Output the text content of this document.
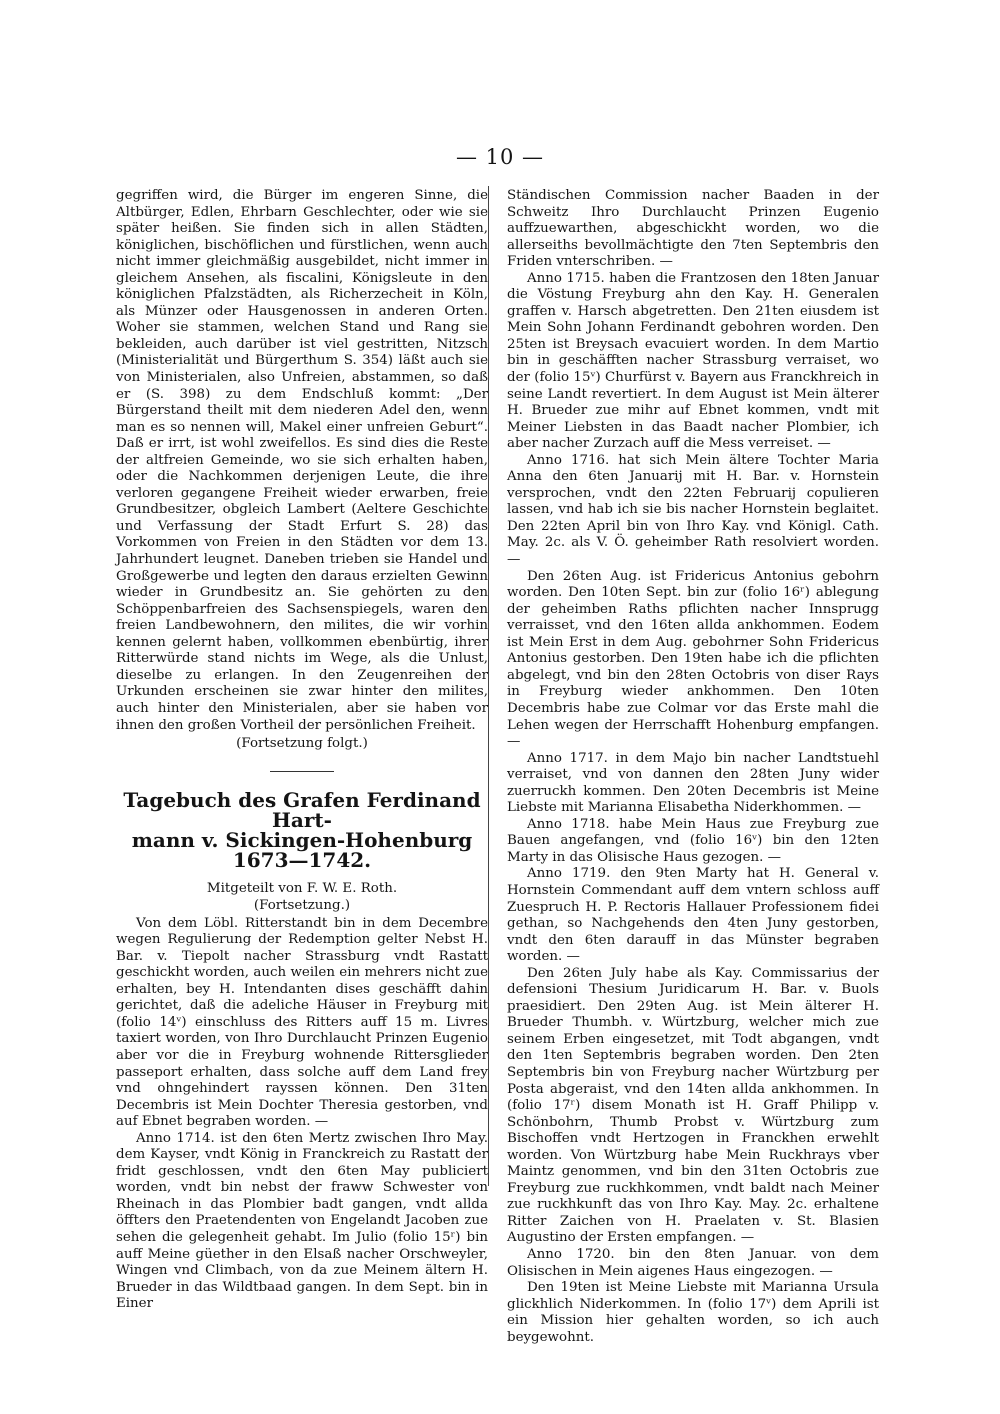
— 10 —

gegriffen wird, die Bürger im engeren Sinne, die Altbürger, Edlen, Ehrbarn Geschlechter, oder wie sie später heißen. Sie finden sich in allen Städten, königlichen, bischöflichen und fürstlichen, wenn auch nicht immer gleichmäßig ausgebildet, nicht immer in gleichem Ansehen, als fiscalini, Königsleute in den königlichen Pfalzstädten, als Richerzecheit in Köln, als Münzer oder Hausgenossen in anderen Orten. Woher sie stammen, welchen Stand und Rang sie bekleiden, auch darüber ist viel gestritten, Nitzsch (Ministerialität und Bürgerthum S. 354) läßt auch sie von Ministerialen, also Unfreien, abstammen, so daß er (S. 398) zu dem Endschluß kommt: „Der Bürgerstand theilt mit dem niederen Adel den, wenn man es so nennen will, Makel einer unfreien Geburt“. Daß er irrt, ist wohl zweifellos. Es sind dies die Reste der altfreien Gemeinde, wo sie sich erhalten haben, oder die Nachkommen derjenigen Leute, die ihre verloren gegangene Freiheit wieder erwarben, freie Grundbesitzer, obgleich Lambert (Aeltere Geschichte und Verfassung der Stadt Erfurt S. 28) das Vorkommen von Freien in den Städten vor dem 13. Jahrhundert leugnet. Daneben trieben sie Handel und Großgewerbe und legten den daraus erzielten Gewinn wieder in Grundbesitz an. Sie gehörten zu den Schöppenbarfreien des Sachsenspiegels, waren den freien Landbewohnern, den milites, die wir vorhin kennen gelernt haben, vollkommen ebenbürtig, ihrer Ritterwürde stand nichts im Wege, als die Unlust, dieselbe zu erlangen. In den Zeugenreihen der Urkunden erscheinen sie zwar hinter den milites, auch hinter den Ministerialen, aber sie haben vor ihnen den großen Vortheil der persönlichen Freiheit.

(Fortsetzung folgt.)
Tagebuch des Grafen Ferdinand Hart-
mann v. Sickingen-Hohenburg
1673—1742.
Mitgeteilt von F. W. E. Roth.
(Fortsetzung.)

Von dem Löbl. Ritterstandt bin in dem Decembre wegen Regulierung der Redemption gelter Nebst H. Bar. v. Tiepolt nacher Strassburg vndt Rastatt geschickht worden, auch weilen ein mehrers nicht zue erhalten, bey H. Intendanten dises geschäfft dahin gerichtet, daß die adeliche Häuser in Freyburg mit (folio 14ᵛ) einschluss des Ritters auff 15 m. Livres taxiert worden, von Ihro Durchlaucht Prinzen Eugenio aber vor die in Freyburg wohnende Rittersglieder passeport erhalten, dass solche auff dem Land frey vnd ohngehindert rayssen können. Den 31ten Decembris ist Mein Dochter Theresia gestorben, vnd auf Ebnet begraben worden. —

Anno 1714. ist den 6ten Mertz zwischen Ihro May. dem Kayser, vndt König in Franckreich zu Rastatt der fridt geschlossen, vndt den 6ten May publiciert worden, vndt bin nebst der fraww Schwester von Rheinach in das Plombier badt gangen, vndt allda öffters den Praetendenten von Engelandt Jacoben zue sehen die gelegenheit gehabt. Im Julio (folio 15ʳ) bin auff Meine güether in den Elsaß nacher Orschweyler, Wingen vnd Climbach, von da zue Meinem ältern H. Brueder in das Wildtbaad gangen. In dem Sept. bin in Einer

Ständischen Commission nacher Baaden in der Schweitz Ihro Durchlaucht Prinzen Eugenio auffzuewarthen, abgeschickht worden, wo die allerseiths bevollmächtigte den 7ten Septembris den Friden vnterschriben. —

Anno 1715. haben die Frantzosen den 18ten Januar die Vöstung Freyburg ahn den Kay. H. Generalen graffen v. Harsch abgetretten. Den 21ten eiusdem ist Mein Sohn Johann Ferdinandt gebohren worden. Den 25ten ist Breysach evacuiert worden. In dem Martio bin in geschäfften nacher Strassburg verraiset, wo der (folio 15ᵛ) Churfürst v. Bayern aus Franckhreich in seine Landt revertiert. In dem August ist Mein älterer H. Brueder zue mihr auf Ebnet kommen, vndt mit Meiner Liebsten in das Baadt nacher Plombier, ich aber nacher Zurzach auff die Mess verreiset. —

Anno 1716. hat sich Mein ältere Tochter Maria Anna den 6ten Januarij mit H. Bar. v. Hornstein versprochen, vndt den 22ten Februarij copulieren lassen, vnd hab ich sie bis nacher Hornstein beglaitet. Den 22ten April bin von Ihro Kay. vnd Königl. Cath. May. 2c. als V. Ö. geheimber Rath resolviert worden. —

Den 26ten Aug. ist Fridericus Antonius gebohrn worden. Den 10ten Sept. bin zur (folio 16ʳ) ablegung der geheimben Raths pflichten nacher Innsprugg verraisset, vnd den 16ten allda ankhommen. Eodem ist Mein Erst in dem Aug. gebohrner Sohn Fridericus Antonius gestorben. Den 19ten habe ich die pflichten abgelegt, vnd bin den 28ten Octobris von diser Rays in Freyburg wieder ankhommen. Den 10ten Decembris habe zue Colmar vor das Erste mahl die Lehen wegen der Herrschafft Hohenburg empfangen. —

Anno 1717. in dem Majo bin nacher Landtstuehl verraiset, vnd von dannen den 28ten Juny wider zuerruckh kommen. Den 20ten Decembris ist Meine Liebste mit Marianna Elisabetha Niderkhommen. —

Anno 1718. habe Mein Haus zue Freyburg zue Bauen angefangen, vnd (folio 16ᵛ) bin den 12ten Marty in das Olisische Haus gezogen. —

Anno 1719. den 9ten Marty hat H. General v. Hornstein Commendant auff dem vntern schloss auff Zuespruch H. P. Rectoris Hallauer Professionem fidei gethan, so Nachgehends den 4ten Juny gestorben, vndt den 6ten darauff in das Münster begraben worden. —

Den 26ten July habe als Kay. Commissarius der defensioni Thesium Juridicarum H. Bar. v. Buols praesidiert. Den 29ten Aug. ist Mein älterer H. Brueder Thumbh. v. Würtzburg, welcher mich zue seinem Erben eingesetzet, mit Todt abgangen, vndt den 1ten Septembris begraben worden. Den 2ten Septembris bin von Freyburg nacher Würtzburg per Posta abgeraist, vnd den 14ten allda ankhommen. In (folio 17ʳ) disem Monath ist H. Graff Philipp v. Schönbohrn, Thumb Probst v. Würtzburg zum Bischoffen vndt Hertzogen in Franckhen erwehlt worden. Von Würtzburg habe Mein Ruckhrays vber Maintz genommen, vnd bin den 31ten Octobris zue Freyburg zue ruckhkommen, vndt baldt nach Meiner zue ruckhkunft das von Ihro Kay. May. 2c. erhaltene Ritter Zaichen von H. Praelaten v. St. Blasien Augustino der Ersten empfangen. —

Anno 1720. bin den 8ten Januar. von dem Olisischen in Mein aigenes Haus eingezogen. —

Den 19ten ist Meine Liebste mit Marianna Ursula glickhlich Niderkommen. In (folio 17ᵛ) dem Aprili ist ein Mission hier gehalten worden, so ich auch beygewohnt.
